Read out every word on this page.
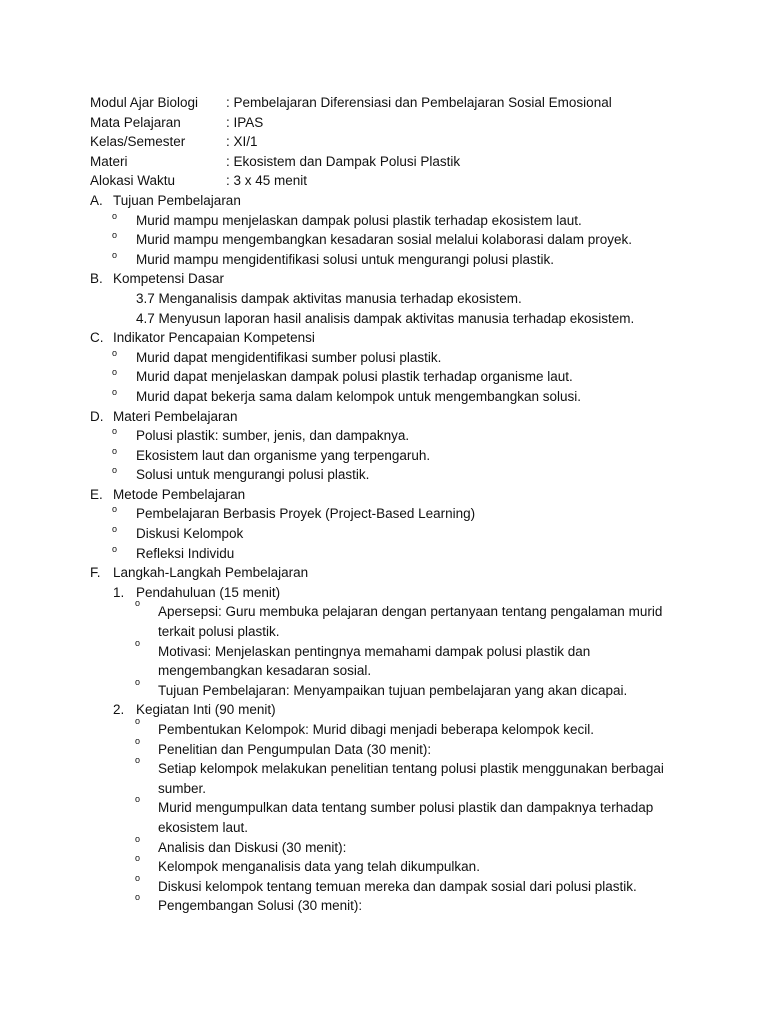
Modul Ajar Biologi : Pembelajaran Diferensiasi dan Pembelajaran Sosial Emosional
Mata Pelajaran	: IPAS
Kelas/Semester	: XI/1
Materi	: Ekosistem dan Dampak Polusi Plastik
Alokasi Waktu	: 3 x 45 menit
A. Tujuan Pembelajaran
o Murid mampu menjelaskan dampak polusi plastik terhadap ekosistem laut.
o Murid mampu mengembangkan kesadaran sosial melalui kolaborasi dalam proyek.
o Murid mampu mengidentifikasi solusi untuk mengurangi polusi plastik.
B. Kompetensi Dasar
3.7 Menganalisis dampak aktivitas manusia terhadap ekosistem.
4.7 Menyusun laporan hasil analisis dampak aktivitas manusia terhadap ekosistem.
C. Indikator Pencapaian Kompetensi
o Murid dapat mengidentifikasi sumber polusi plastik.
o Murid dapat menjelaskan dampak polusi plastik terhadap organisme laut.
o Murid dapat bekerja sama dalam kelompok untuk mengembangkan solusi.
D. Materi Pembelajaran
o Polusi plastik: sumber, jenis, dan dampaknya.
o Ekosistem laut dan organisme yang terpengaruh.
o Solusi untuk mengurangi polusi plastik.
E. Metode Pembelajaran
o Pembelajaran Berbasis Proyek (Project-Based Learning)
o Diskusi Kelompok
o Refleksi Individu
F. Langkah-Langkah Pembelajaran
1. Pendahuluan (15 menit)
o
Apersepsi: Guru membuka pelajaran dengan pertanyaan tentang pengalaman murid terkait polusi plastik.
o
Motivasi: Menjelaskan pentingnya memahami dampak polusi plastik dan mengembangkan kesadaran sosial.
o
Tujuan Pembelajaran: Menyampaikan tujuan pembelajaran yang akan dicapai.
2. Kegiatan Inti (90 menit)
o
Pembentukan Kelompok: Murid dibagi menjadi beberapa kelompok kecil.
o
Penelitian dan Pengumpulan Data (30 menit):
o
Setiap kelompok melakukan penelitian tentang polusi plastik menggunakan berbagai sumber.
o
Murid mengumpulkan data tentang sumber polusi plastik dan dampaknya terhadap ekosistem laut.
o
Analisis dan Diskusi (30 menit):
o
Kelompok menganalisis data yang telah dikumpulkan.
o
Diskusi kelompok tentang temuan mereka dan dampak sosial dari polusi plastik.
o
Pengembangan Solusi (30 menit):
